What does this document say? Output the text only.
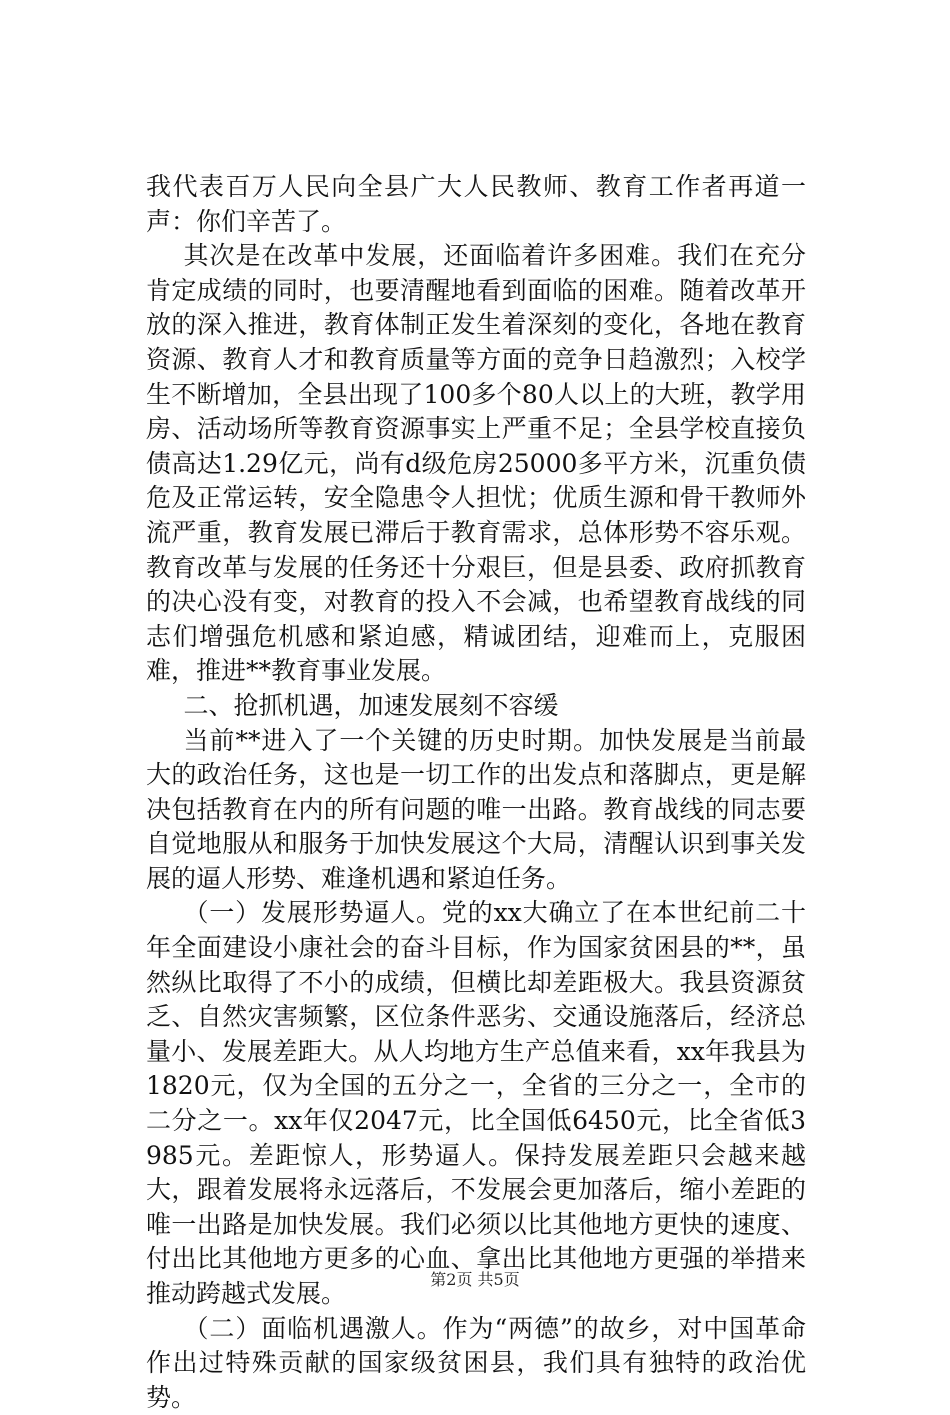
我代表百万人民向全县广大人民教师、教育工作者再道一声：你们辛苦了。

其次是在改革中发展，还面临着许多困难。我们在充分肯定成绩的同时，也要清醒地看到面临的困难。随着改革开放的深入推进，教育体制正发生着深刻的变化，各地在教育资源、教育人才和教育质量等方面的竞争日趋激烈；入校学生不断增加，全县出现了100多个80人以上的大班，教学用房、活动场所等教育资源事实上严重不足；全县学校直接负债高达1.29亿元，尚有d级危房25000多平方米，沉重负债危及正常运转，安全隐患令人担忧；优质生源和骨干教师外流严重，教育发展已滞后于教育需求，总体形势不容乐观。教育改革与发展的任务还十分艰巨，但是县委、政府抓教育的决心没有变，对教育的投入不会减，也希望教育战线的同志们增强危机感和紧迫感，精诚团结，迎难而上，克服困难，推进**教育事业发展。

二、抢抓机遇，加速发展刻不容缓

当前**进入了一个关键的历史时期。加快发展是当前最大的政治任务，这也是一切工作的出发点和落脚点，更是解决包括教育在内的所有问题的唯一出路。教育战线的同志要自觉地服从和服务于加快发展这个大局，清醒认识到事关发展的逼人形势、难逢机遇和紧迫任务。

（一）发展形势逼人。党的xx大确立了在本世纪前二十年全面建设小康社会的奋斗目标，作为国家贫困县的**，虽然纵比取得了不小的成绩，但横比却差距极大。我县资源贫乏、自然灾害频繁，区位条件恶劣、交通设施落后，经济总量小、发展差距大。从人均地方生产总值来看，xx年我县为1820元，仅为全国的五分之一，全省的三分之一，全市的二分之一。xx年仅2047元，比全国低6450元，比全省低3985元。差距惊人，形势逼人。保持发展差距只会越来越大，跟着发展将永远落后，不发展会更加落后，缩小差距的唯一出路是加快发展。我们必须以比其他地方更快的速度、付出比其他地方更多的心血、拿出比其他地方更强的举措来推动跨越式发展。

（二）面临机遇激人。作为“两德”的故乡，对中国革命作出过特殊贡献的国家级贫困县，我们具有独特的政治优势。

第2页 共5页
